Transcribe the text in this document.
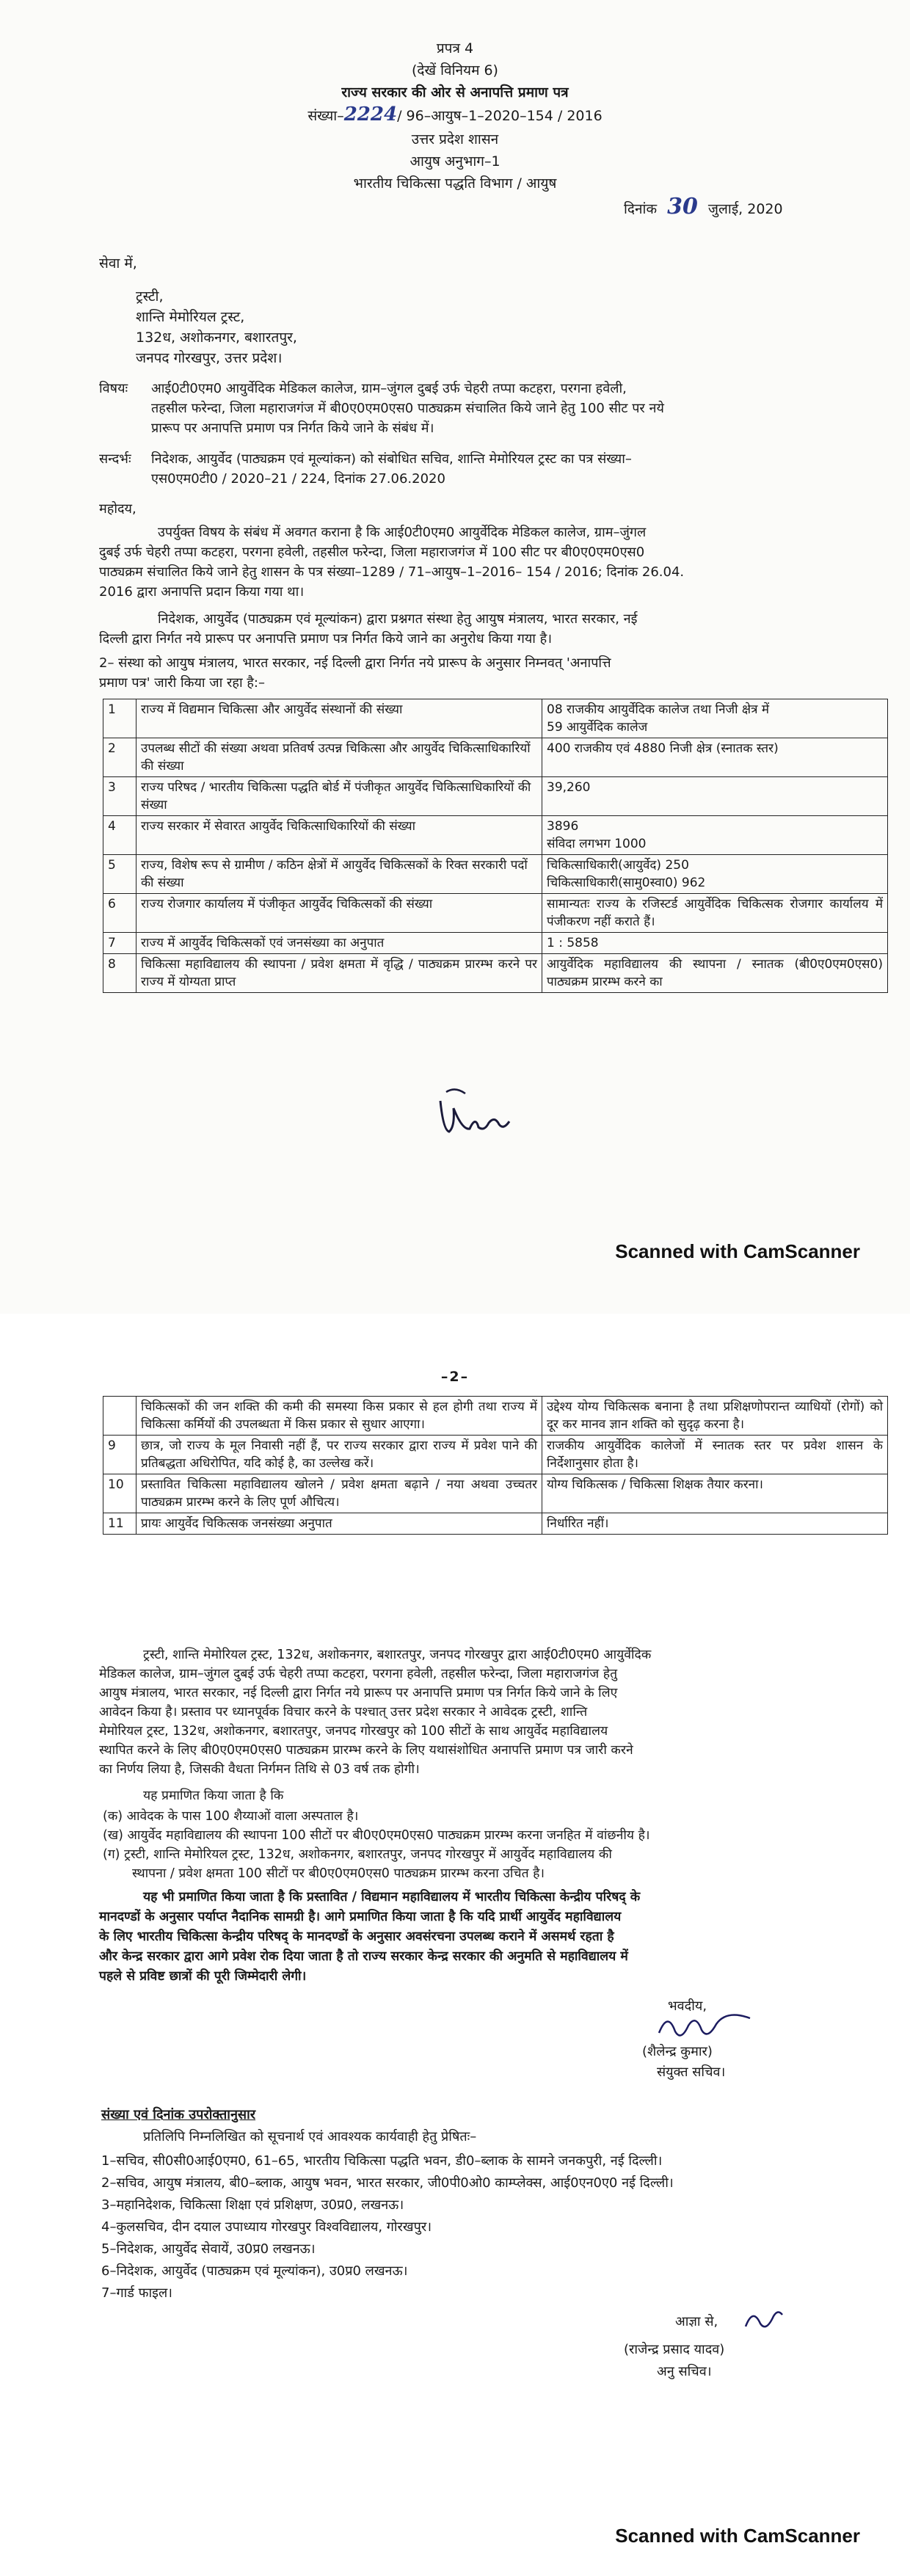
प्रपत्र 4
(देखें विनियम 6)
राज्य सरकार की ओर से अनापत्ति प्रमाण पत्र
संख्या–2224/ 96–आयुष–1–2020–154 / 2016
उत्तर प्रदेश शासन
आयुष अनुभाग–1
भारतीय चिकित्सा पद्धति विभाग / आयुष
दिनांक 30 जुलाई, 2020
सेवा में,
ट्रस्टी,
शान्ति मेमोरियल ट्रस्ट,
132ध, अशोकनगर, बशारतपुर,
जनपद गोरखपुर, उत्तर प्रदेश।
विषयः आई0टी0एम0 आयुर्वेदिक मेडिकल कालेज, ग्राम–जुंगल दुबई उर्फ चेहरी तप्पा कटहरा, परगना हवेली,
तहसील फरेन्दा, जिला महाराजगंज में बी0ए0एम0एस0 पाठ्यक्रम संचालित किये जाने हेतु 100 सीट पर नये
प्रारूप पर अनापत्ति प्रमाण पत्र निर्गत किये जाने के संबंध में।
सन्दर्भः निदेशक, आयुर्वेद (पाठ्यक्रम एवं मूल्यांकन) को संबोधित सचिव, शान्ति मेमोरियल ट्रस्ट का पत्र संख्या–
एस0एम0टी0 / 2020–21 / 224, दिनांक 27.06.2020
महोदय,
उपर्युक्त विषय के संबंध में अवगत कराना है कि आई0टी0एम0 आयुर्वेदिक मेडिकल कालेज, ग्राम–जुंगल
दुबई उर्फ चेहरी तप्पा कटहरा, परगना हवेली, तहसील फरेन्दा, जिला महाराजगंज में 100 सीट पर बी0ए0एम0एस0
पाठ्यक्रम संचालित किये जाने हेतु शासन के पत्र संख्या–1289 / 71–आयुष–1–2016– 154 / 2016; दिनांक 26.04.
2016 द्वारा अनापत्ति प्रदान किया गया था।
निदेशक, आयुर्वेद (पाठ्यक्रम एवं मूल्यांकन) द्वारा प्रश्नगत संस्था हेतु आयुष मंत्रालय, भारत सरकार, नई
दिल्ली द्वारा निर्गत नये प्रारूप पर अनापत्ति प्रमाण पत्र निर्गत किये जाने का अनुरोध किया गया है।
2– संस्था को आयुष मंत्रालय, भारत सरकार, नई दिल्ली द्वारा निर्गत नये प्रारूप के अनुसार निम्नवत् 'अनापत्ति
प्रमाण पत्र' जारी किया जा रहा है:–
1	राज्य में विद्यमान चिकित्सा और आयुर्वेद संस्थानों की संख्या	08 राजकीय आयुर्वेदिक कालेज तथा निजी क्षेत्र में
59 आयुर्वेदिक कालेज

2	उपलब्ध सीटों की संख्या अथवा प्रतिवर्ष उत्पन्न चिकित्सा और आयुर्वेद चिकित्साधिकारियों की संख्या	400 राजकीय एवं 4880 निजी क्षेत्र (स्नातक स्तर)
3	राज्य परिषद / भारतीय चिकित्सा पद्धति बोर्ड में पंजीकृत आयुर्वेद चिकित्साधिकारियों की संख्या	39,260
4	राज्य सरकार में सेवारत आयुर्वेद चिकित्साधिकारियों की संख्या	3896
संविदा लगभग 1000

5	राज्य, विशेष रूप से ग्रामीण / कठिन क्षेत्रों में आयुर्वेद चिकित्सकों के रिक्त सरकारी पदों की संख्या	चिकित्साधिकारी(आयुर्वेद) 250
चिकित्साधिकारी(सामु0स्वा0) 962

6	राज्य रोजगार कार्यालय में पंजीकृत आयुर्वेद चिकित्सकों की संख्या	सामान्यतः राज्य के रजिस्टर्ड आयुर्वेदिक चिकित्सक रोजगार कार्यालय में पंजीकरण नहीं कराते हैं।
7	राज्य में आयुर्वेद चिकित्सकों एवं जनसंख्या का अनुपात	1 : 5858
8	चिकित्सा महाविद्यालय की स्थापना / प्रवेश क्षमता में वृद्धि / पाठ्यक्रम प्रारम्भ करने पर राज्य में योग्यता प्राप्त	आयुर्वेदिक महाविद्यालय की स्थापना / स्नातक (बी0ए0एम0एस0) पाठ्यक्रम प्रारम्भ करने का
Scanned with CamScanner
–2–
	चिकित्सकों की जन शक्ति की कमी की समस्या किस प्रकार से हल होगी तथा राज्य में चिकित्सा कर्मियों की उपलब्धता में किस प्रकार से सुधार आएगा।	उद्देश्य योग्य चिकित्सक बनाना है तथा प्रशिक्षणोपरान्त व्याधियों (रोगों) को दूर कर मानव ज्ञान शक्ति को सुदृढ़ करना है।
9	छात्र, जो राज्य के मूल निवासी नहीं हैं, पर राज्य सरकार द्वारा राज्य में प्रवेश पाने की प्रतिबद्धता अधिरोपित, यदि कोई है, का उल्लेख करें।	राजकीय आयुर्वेदिक कालेजों में स्नातक स्तर पर प्रवेश शासन के निर्देशानुसार होता है।
10	प्रस्तावित चिकित्सा महाविद्यालय खोलने / प्रवेश क्षमता बढ़ाने / नया अथवा उच्चतर पाठ्यक्रम प्रारम्भ करने के लिए पूर्ण औचित्य।	योग्य चिकित्सक / चिकित्सा शिक्षक तैयार करना।
11	प्रायः आयुर्वेद चिकित्सक जनसंख्या अनुपात	निर्धारित नहीं।
ट्रस्टी, शान्ति मेमोरियल ट्रस्ट, 132ध, अशोकनगर, बशारतपुर, जनपद गोरखपुर द्वारा आई0टी0एम0 आयुर्वेदिक
मेडिकल कालेज, ग्राम–जुंगल दुबई उर्फ चेहरी तप्पा कटहरा, परगना हवेली, तहसील फरेन्दा, जिला महाराजगंज हेतु
आयुष मंत्रालय, भारत सरकार, नई दिल्ली द्वारा निर्गत नये प्रारूप पर अनापत्ति प्रमाण पत्र निर्गत किये जाने के लिए
आवेदन किया है। प्रस्ताव पर ध्यानपूर्वक विचार करने के पश्चात् उत्तर प्रदेश सरकार ने आवेदक ट्रस्टी, शान्ति
मेमोरियल ट्रस्ट, 132ध, अशोकनगर, बशारतपुर, जनपद गोरखपुर को 100 सीटों के साथ आयुर्वेद महाविद्यालय
स्थापित करने के लिए बी0ए0एम0एस0 पाठ्यक्रम प्रारम्भ करने के लिए यथासंशोधित अनापत्ति प्रमाण पत्र जारी करने
का निर्णय लिया है, जिसकी वैधता निर्गमन तिथि से 03 वर्ष तक होगी।
यह प्रमाणित किया जाता है कि
(क) आवेदक के पास 100 शैय्याओं वाला अस्पताल है।
(ख) आयुर्वेद महाविद्यालय की स्थापना 100 सीटों पर बी0ए0एम0एस0 पाठ्यक्रम प्रारम्भ करना जनहित में वांछनीय है।
(ग) ट्रस्टी, शान्ति मेमोरियल ट्रस्ट, 132ध, अशोकनगर, बशारतपुर, जनपद गोरखपुर में आयुर्वेद महाविद्यालय की
स्थापना / प्रवेश क्षमता 100 सीटों पर बी0ए0एम0एस0 पाठ्यक्रम प्रारम्भ करना उचित है।
यह भी प्रमाणित किया जाता है कि प्रस्तावित / विद्यमान महाविद्यालय में भारतीय चिकित्सा केन्द्रीय परिषद् के
मानदण्डों के अनुसार पर्याप्त नैदानिक सामग्री है। आगे प्रमाणित किया जाता है कि यदि प्रार्थी आयुर्वेद महाविद्यालय
के लिए भारतीय चिकित्सा केन्द्रीय परिषद् के मानदण्डों के अनुसार अवसंरचना उपलब्ध कराने में असमर्थ रहता है
और केन्द्र सरकार द्वारा आगे प्रवेश रोक दिया जाता है तो राज्य सरकार केन्द्र सरकार की अनुमति से महाविद्यालय में
पहले से प्रविष्ट छात्रों की पूरी जिम्मेदारी लेगी।
भवदीय,
(शैलेन्द्र कुमार)
संयुक्त सचिव।
संख्या एवं दिनांक उपरोक्तानुसार
प्रतिलिपि निम्नलिखित को सूचनार्थ एवं आवश्यक कार्यवाही हेतु प्रेषितः–
1–सचिव, सी0सी0आई0एम0, 61–65, भारतीय चिकित्सा पद्धति भवन, डी0–ब्लाक के सामने जनकपुरी, नई दिल्ली।
2–सचिव, आयुष मंत्रालय, बी0–ब्लाक, आयुष भवन, भारत सरकार, जी0पी0ओ0 काम्प्लेक्स, आई0एन0ए0 नई दिल्ली।
3–महानिदेशक, चिकित्सा शिक्षा एवं प्रशिक्षण, उ0प्र0, लखनऊ।
4–कुलसचिव, दीन दयाल उपाध्याय गोरखपुर विश्वविद्यालय, गोरखपुर।
5–निदेशक, आयुर्वेद सेवायें, उ0प्र0 लखनऊ।
6–निदेशक, आयुर्वेद (पाठ्यक्रम एवं मूल्यांकन), उ0प्र0 लखनऊ।
7–गार्ड फाइल।
आज्ञा से,
(राजेन्द्र प्रसाद यादव)
अनु सचिव।
Scanned with CamScanner
